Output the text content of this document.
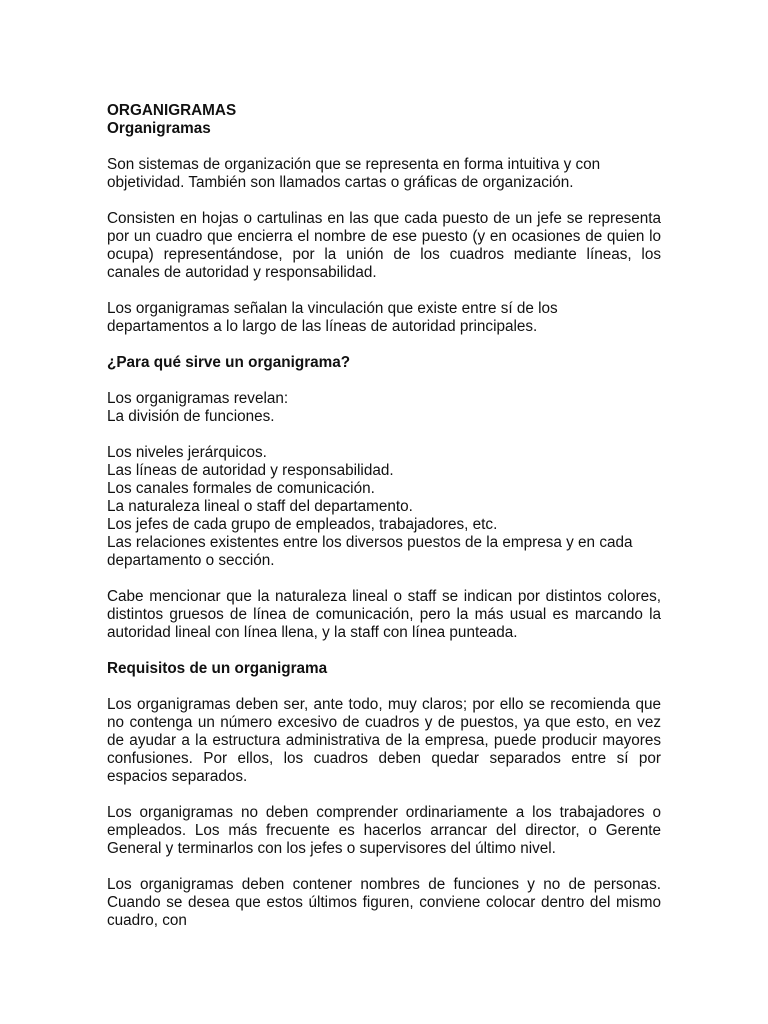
ORGANIGRAMAS

Organigramas

Son sistemas de organización que se representa en forma intuitiva y con objetividad. También son llamados cartas o gráficas de organización.

Consisten en hojas o cartulinas en las que cada puesto de un jefe se representa por un cuadro que encierra el nombre de ese puesto (y en ocasiones de quien lo ocupa) representándose, por la unión de los cuadros mediante líneas, los canales de autoridad y responsabilidad.

Los organigramas señalan la vinculación que existe entre sí de los departamentos a lo largo de las líneas de autoridad principales.

¿Para qué sirve un organigrama?

Los organigramas revelan:

La división de funciones.

Los niveles jerárquicos.

Las líneas de autoridad y responsabilidad.

Los canales formales de comunicación.

La naturaleza lineal o staff del departamento.

Los jefes de cada grupo de empleados, trabajadores, etc.

Las relaciones existentes entre los diversos puestos de la empresa y en cada departamento o sección.

Cabe mencionar que la naturaleza lineal o staff se indican por distintos colores, distintos gruesos de línea de comunicación, pero la más usual es marcando la autoridad lineal con línea llena, y la staff con línea punteada.

Requisitos de un organigrama

Los organigramas deben ser, ante todo, muy claros; por ello se recomienda que no contenga un número excesivo de cuadros y de puestos, ya que esto, en vez de ayudar a la estructura administrativa de la empresa, puede producir mayores confusiones. Por ellos, los cuadros deben quedar separados entre sí por espacios separados.

Los organigramas no deben comprender ordinariamente a los trabajadores o empleados. Los más frecuente es hacerlos arrancar del director, o Gerente General y terminarlos con los jefes o supervisores del último nivel.

Los organigramas deben contener nombres de funciones y no de personas. Cuando se desea que estos últimos figuren, conviene colocar dentro del mismo cuadro, con
